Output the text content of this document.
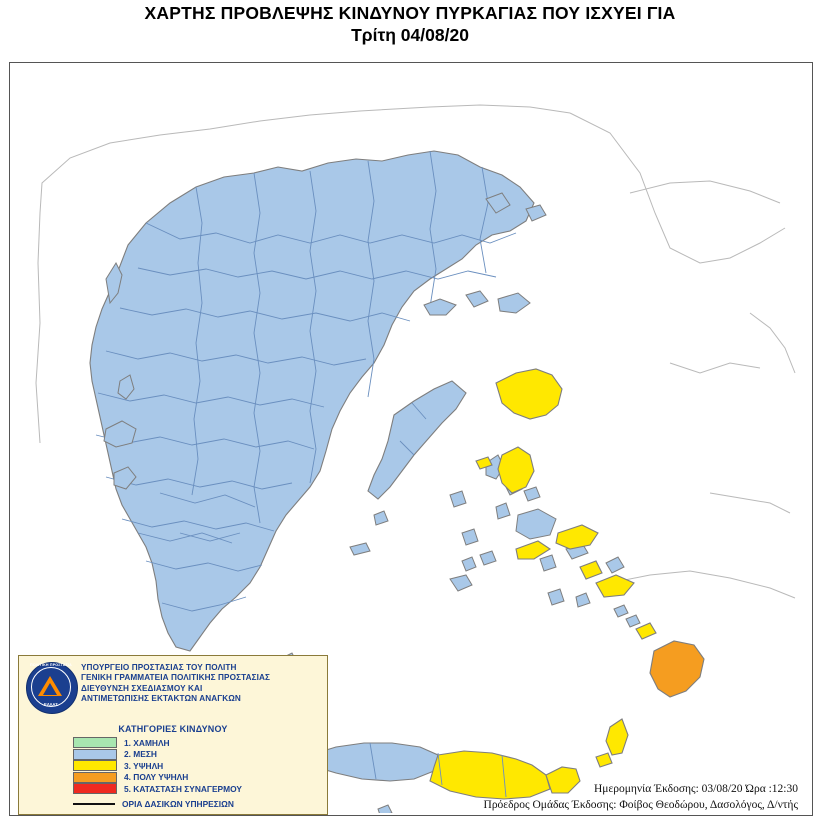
ΧΑΡΤΗΣ ΠΡΟΒΛΕΨΗΣ ΚΙΝΔΥΝΟΥ ΠΥΡΚΑΓΙΑΣ ΠΟΥ ΙΣΧΥΕΙ ΓΙΑ
Τρίτη 04/08/20
ΠΟΛΙΤΙΚΗ ΠΡΟΣΤΑΣΙΑ
ΕΛΛΑΣ
ΥΠΟΥΡΓΕΙΟ ΠΡΟΣΤΑΣΙΑΣ ΤΟΥ ΠΟΛΙΤΗ
ΓΕΝΙΚΗ ΓΡΑΜΜΑΤΕΙΑ ΠΟΛΙΤΙΚΗΣ ΠΡΟΣΤΑΣΙΑΣ
ΔΙΕΥΘΥΝΣΗ ΣΧΕΔΙΑΣΜΟΥ ΚΑΙ
ΑΝΤΙΜΕΤΩΠΙΣΗΣ ΕΚΤΑΚΤΩΝ ΑΝΑΓΚΩΝ
ΚΑΤΗΓΟΡΙΕΣ ΚΙΝΔΥΝΟΥ
1. ΧΑΜΗΛΗ
2. ΜΕΣΗ
3. ΥΨΗΛΗ
4. ΠΟΛΥ ΥΨΗΛΗ
5. ΚΑΤΑΣΤΑΣΗ ΣΥΝΑΓΕΡΜΟΥ
ΟΡΙΑ ΔΑΣΙΚΩΝ ΥΠΗΡΕΣΙΩΝ
Ημερομηνία Έκδοσης: 03/08/20 Ώρα :12:30
Πρόεδρος Ομάδας Έκδοσης: Φοίβος Θεοδώρου, Δασολόγος, Δ/ντής
